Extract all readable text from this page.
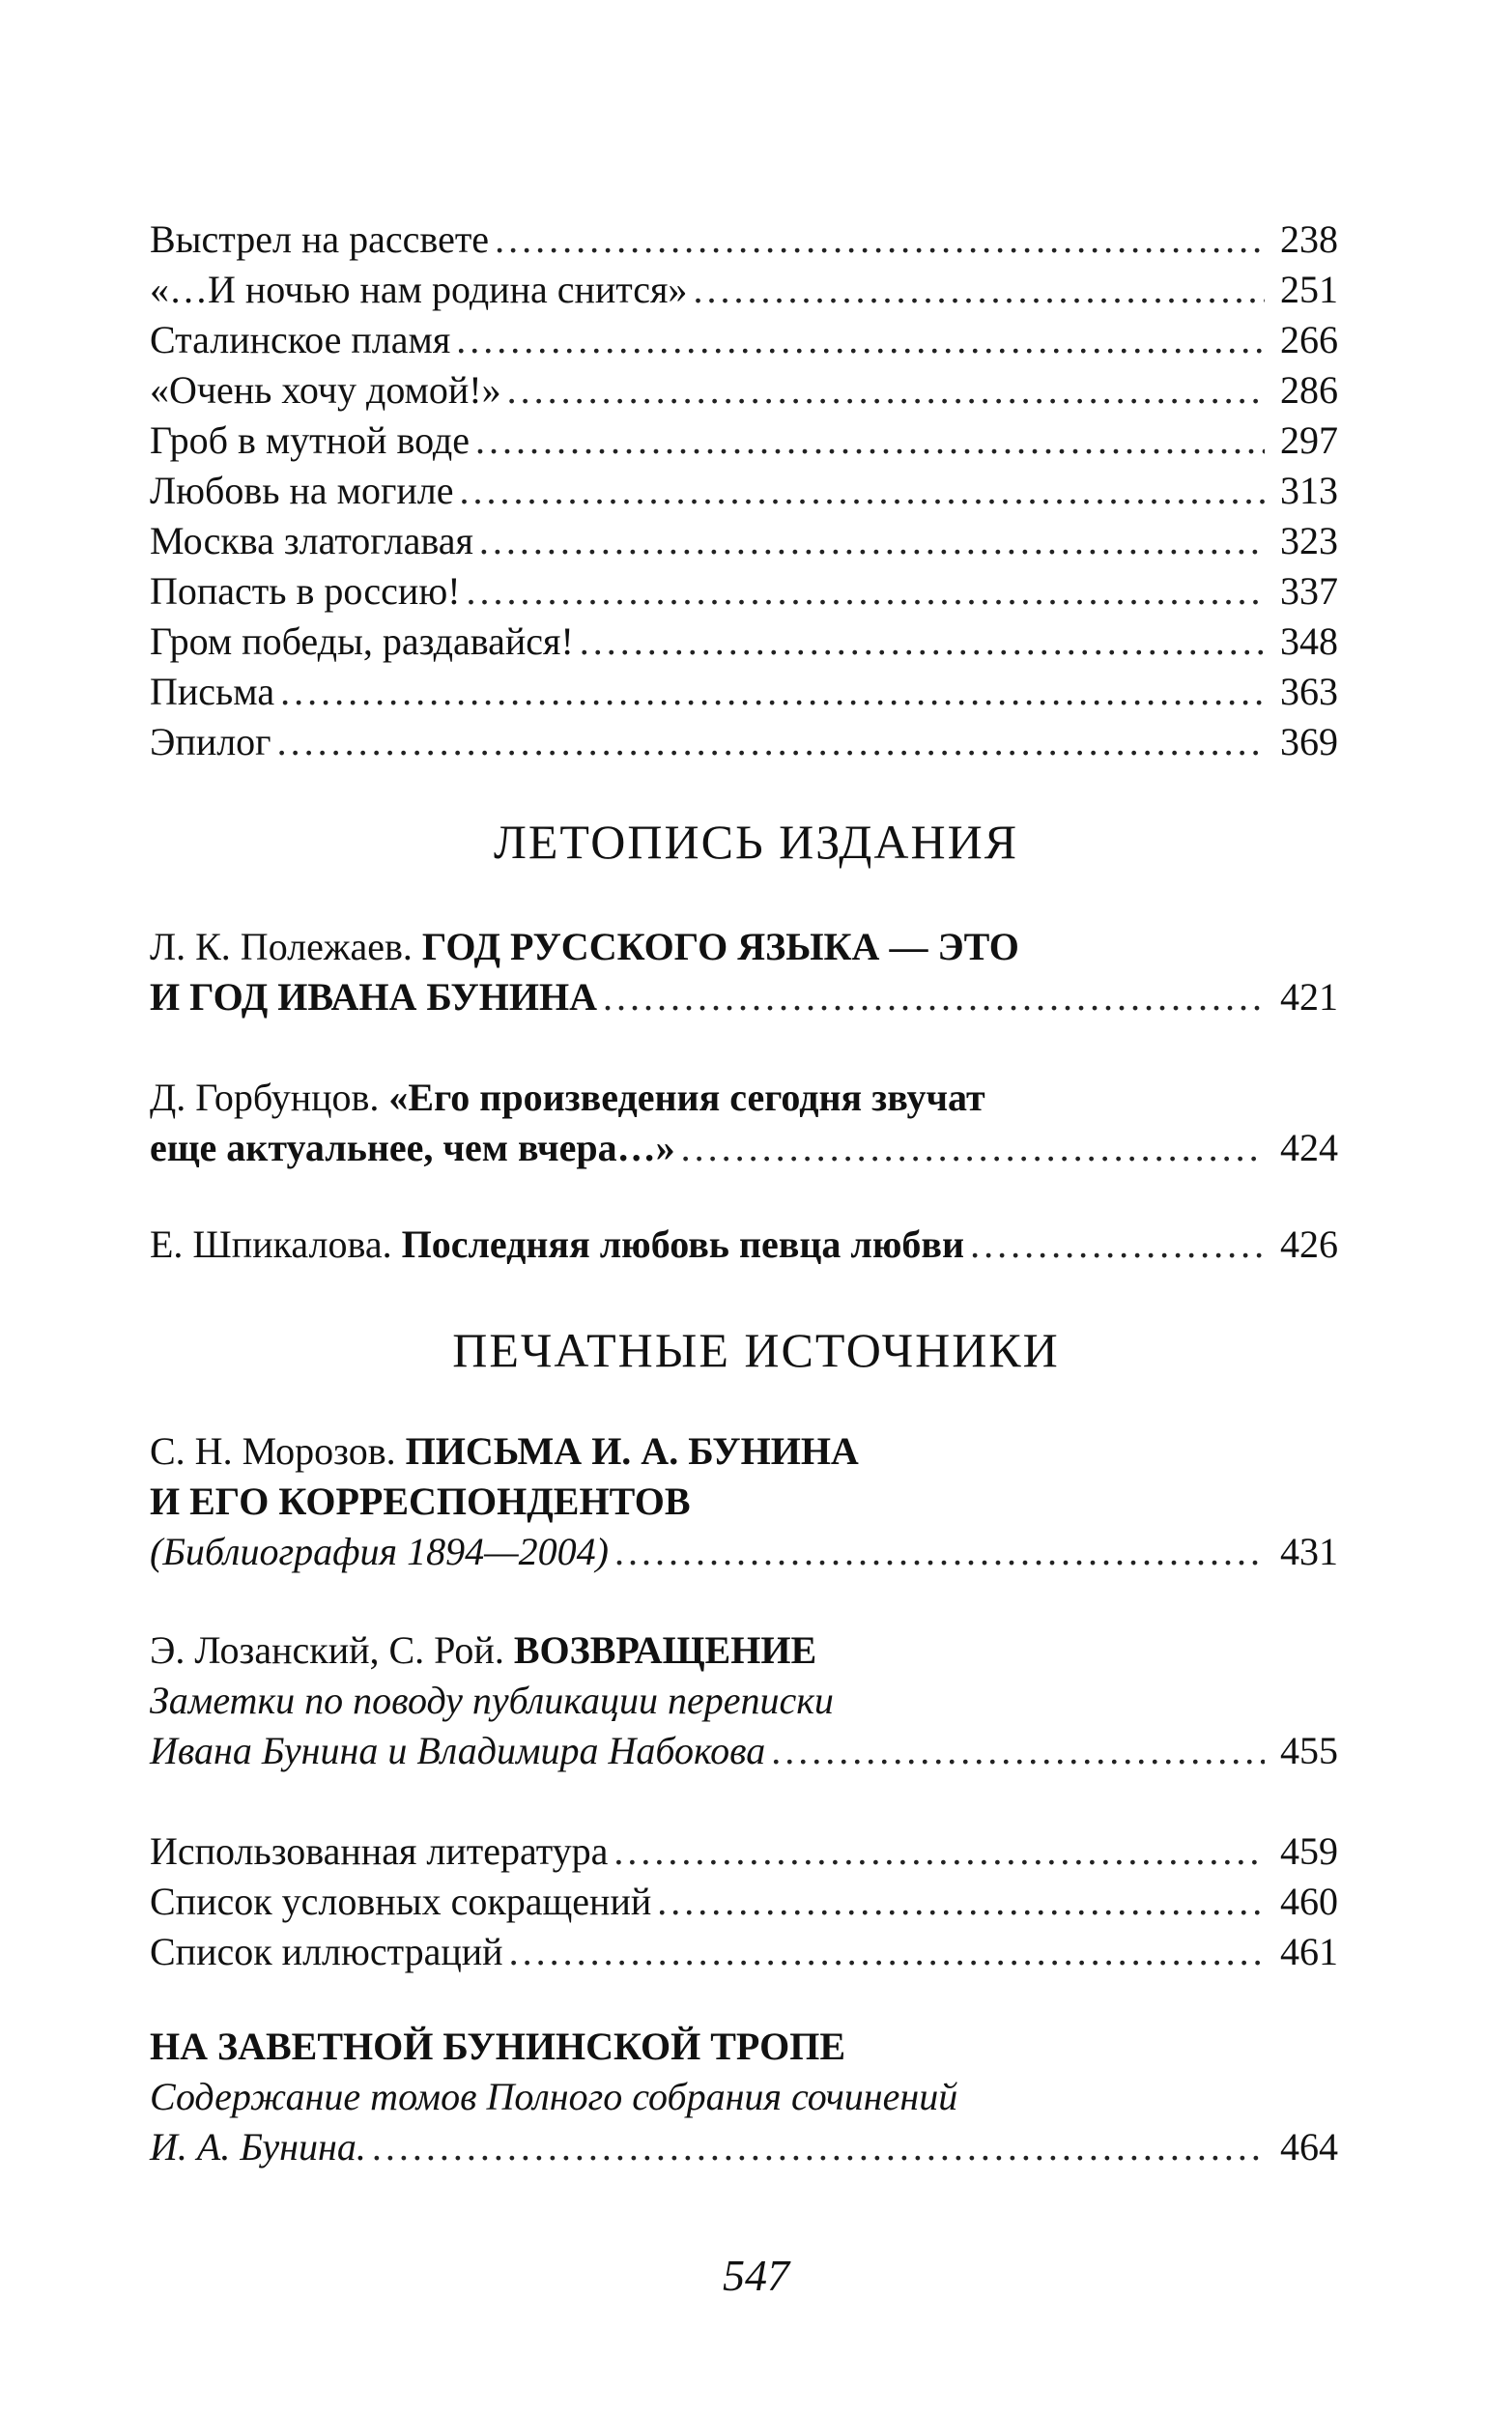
Выстрел на рассвете .....	238
«…И ночью нам родина снится» .....	251
Сталинское пламя .....	266
«Очень хочу домой!» .....	286
Гроб в мутной воде .....	297
Любовь на могиле .....	313
Москва златоглавая .....	323
Попасть в россию! .....	337
Гром победы, раздавайся! .....	348
Письма .....	363
Эпилог .....	369
ЛЕТОПИСЬ ИЗДАНИЯ
Л. К. Полежаев. ГОД РУССКОГО ЯЗЫКА — ЭТО
И ГОД ИВАНА БУНИНА .....	421
Д. Горбунцов. «Его произведения сегодня звучат
еще актуальнее, чем вчера…» .....	424
Е. Шпикалова.
Последняя любовь певца любви .....	426
ПЕЧАТНЫЕ ИСТОЧНИКИ
С. Н. Морозов. ПИСЬМА И. А. БУНИНА
И ЕГО КОРРЕСПОНДЕНТОВ
(Библиография 1894—2004) .....	431
Э. Лозанский, С. Рой. ВОЗВРАЩЕНИЕ
Заметки по поводу публикации переписки
Ивана Бунина и Владимира Набокова .....	455
Использованная литература .....	459
Список условных сокращений .....	460
Список иллюстраций .....	461
НА ЗАВЕТНОЙ БУНИНСКОЙ ТРОПЕ
Содержание томов Полного собрания сочинений
И. А. Бунина. .....	464
547
